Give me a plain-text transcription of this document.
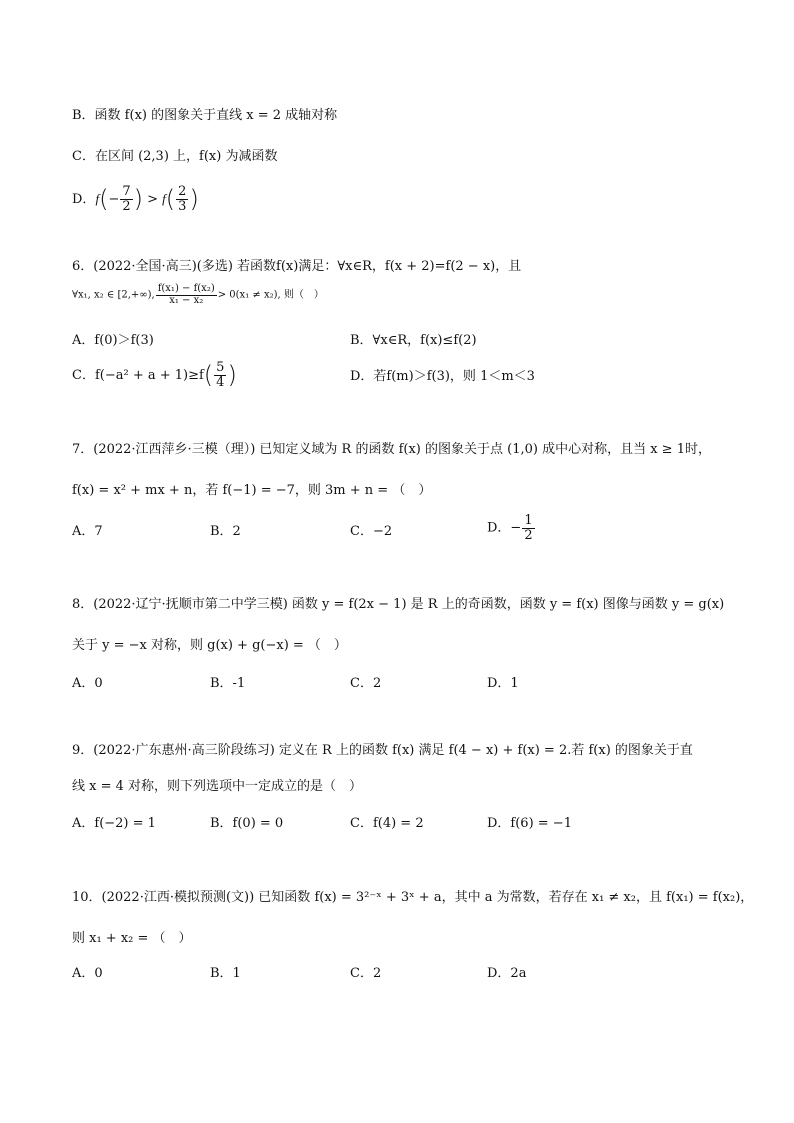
B．函数 f(x) 的图象关于直线 x = 2 成轴对称
C．在区间 (2,3) 上，f(x) 为减函数
D．$f(- \frac{7}{2}$ ) > $f( \frac{2}{3}$ )
6．(2022·全国·高三)(多选) 若函数f(x)满足：∀x∈R，f(x + 2)=f(2 − x)，且
∀x₁, x₂ ∈ [2,+∞), $\frac{\text{f(x₁) − f(x₂)}}{\text{x₁ − x₂}} > 0(x_1 \ne x_2)$, 则（　）
A．f(0)＞f(3)	B．∀x∈R，f(x)≤f(2)
C．$f(-a^2 + a + 1)\ge f( \frac{5}{4}$ )	D．若f(m)＞f(3)，则 1＜m＜3
7．(2022·江西萍乡·三模（理）) 已知定义域为 R 的函数 f(x) 的图象关于点 (1,0) 成中心对称，且当 x ≥ 1时，
f(x) = x² + mx + n，若 f(−1) = −7，则 3m + n = （　）
A．7	B．2	C．−2	D．− $\frac{1}{2}$
8．(2022·辽宁·抚顺市第二中学三模) 函数 y = f(2x − 1) 是 R 上的奇函数，函数 y = f(x) 图像与函数 y = g(x)
关于 y = −x 对称，则 g(x) + g(−x) = （　）
A．0	B．-1	C．2	D．1
9．(2022·广东惠州·高三阶段练习) 定义在 R 上的函数 f(x) 满足 f(4 − x) + f(x) = 2.若 f(x) 的图象关于直
线 x = 4 对称，则下列选项中一定成立的是（　）
A．f(−2) = 1	B．f(0) = 0	C．f(4) = 2	D．f(6) = −1
10．(2022·江西·模拟预测(文)) 已知函数 f(x) = 3²⁻ˣ + 3ˣ + a，其中 a 为常数，若存在 x₁ ≠ x₂，且 f(x₁) = f(x₂)，
则 x₁ + x₂ = （　）
A．0	B．1	C．2	D．2a
